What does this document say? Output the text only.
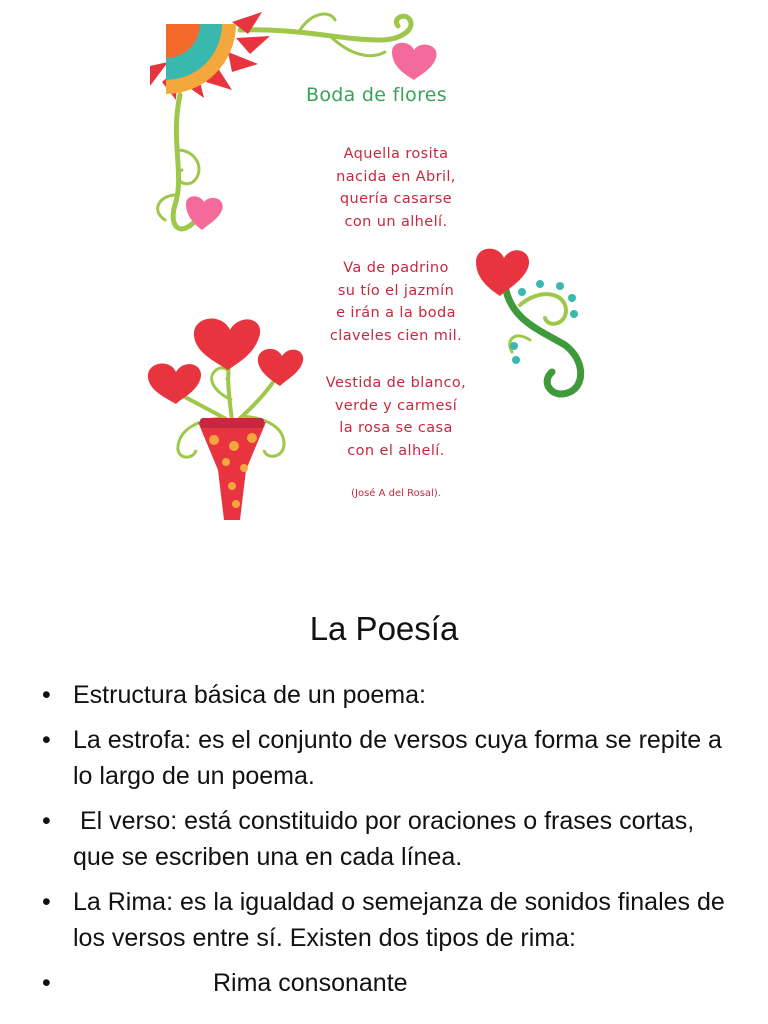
Boda de flores
Aquella rosita
nacida en Abril,
quería casarse
con un alhelí.
Va de padrino
su tío el jazmín
e irán a la boda
claveles cien mil.
Vestida de blanco,
verde y carmesí
la rosa se casa
con el alhelí.
(José A del Rosal).
La Poesía
• Estructura básica de un poema:
• La estrofa: es el conjunto de versos cuya forma se repite a lo largo de un poema.
• El verso: está constituido por oraciones o frases cortas, que se escriben una en cada línea.
• La Rima: es la igualdad o semejanza de sonidos finales de los versos entre sí. Existen dos tipos de rima:
•	Rima consonante
